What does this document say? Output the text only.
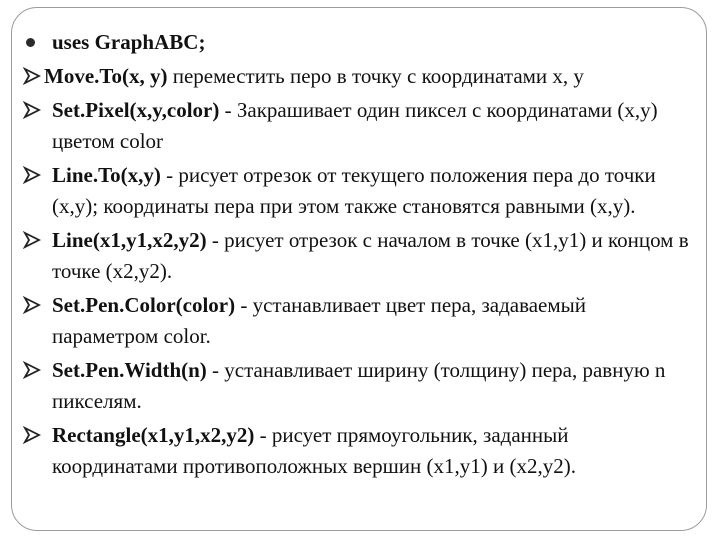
uses GraphABC;
Move.To(x, y) переместить перо в точку с координатами x, y
Set.Pixel(x,y,color) - Закрашивает один пиксел с координатами (x,y) цветом color
Line.To(x,y) - рисует отрезок от текущего положения пера до точки (x,y); координаты пера при этом также становятся равными (x,y).
Line(x1,y1,x2,y2) - рисует отрезок с началом в точке (x1,y1) и концом в точке (x2,y2).
Set.Pen.Color(color) - устанавливает цвет пера, задаваемый параметром color.
Set.Pen.Width(n) - устанавливает ширину (толщину) пера, равную n пикселям.
Rectangle(x1,y1,x2,y2) - рисует прямоугольник, заданный координатами противоположных вершин (x1,y1) и (x2,y2).
